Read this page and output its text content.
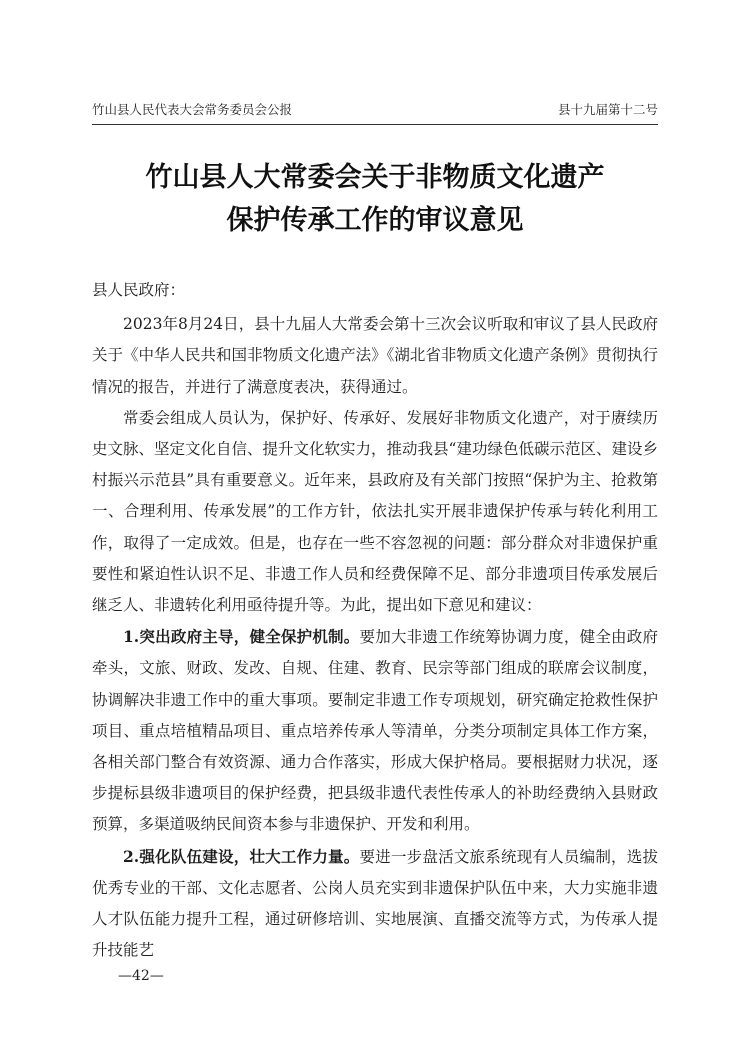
竹山县人民代表大会常务委员会公报	县十九届第十二号
竹山县人大常委会关于非物质文化遗产
保护传承工作的审议意见

县人民政府：

2023年8月24日，县十九届人大常委会第十三次会议听取和审议了县人民政府关于《中华人民共和国非物质文化遗产法》《湖北省非物质文化遗产条例》贯彻执行情况的报告，并进行了满意度表决，获得通过。

常委会组成人员认为，保护好、传承好、发展好非物质文化遗产，对于赓续历史文脉、坚定文化自信、提升文化软实力，推动我县“建功绿色低碳示范区、建设乡村振兴示范县”具有重要意义。近年来，县政府及有关部门按照“保护为主、抢救第一、合理利用、传承发展”的工作方针，依法扎实开展非遗保护传承与转化利用工作，取得了一定成效。但是，也存在一些不容忽视的问题：部分群众对非遗保护重要性和紧迫性认识不足、非遗工作人员和经费保障不足、部分非遗项目传承发展后继乏人、非遗转化利用亟待提升等。为此，提出如下意见和建议：

1.突出政府主导，健全保护机制。要加大非遗工作统筹协调力度，健全由政府牵头，文旅、财政、发改、自规、住建、教育、民宗等部门组成的联席会议制度，协调解决非遗工作中的重大事项。要制定非遗工作专项规划，研究确定抢救性保护项目、重点培植精品项目、重点培养传承人等清单，分类分项制定具体工作方案，各相关部门整合有效资源、通力合作落实，形成大保护格局。要根据财力状况，逐步提标县级非遗项目的保护经费，把县级非遗代表性传承人的补助经费纳入县财政预算，多渠道吸纳民间资本参与非遗保护、开发和利用。

2.强化队伍建设，壮大工作力量。要进一步盘活文旅系统现有人员编制，选拔优秀专业的干部、文化志愿者、公岗人员充实到非遗保护队伍中来，大力实施非遗人才队伍能力提升工程，通过研修培训、实地展演、直播交流等方式，为传承人提升技能艺

—42—
